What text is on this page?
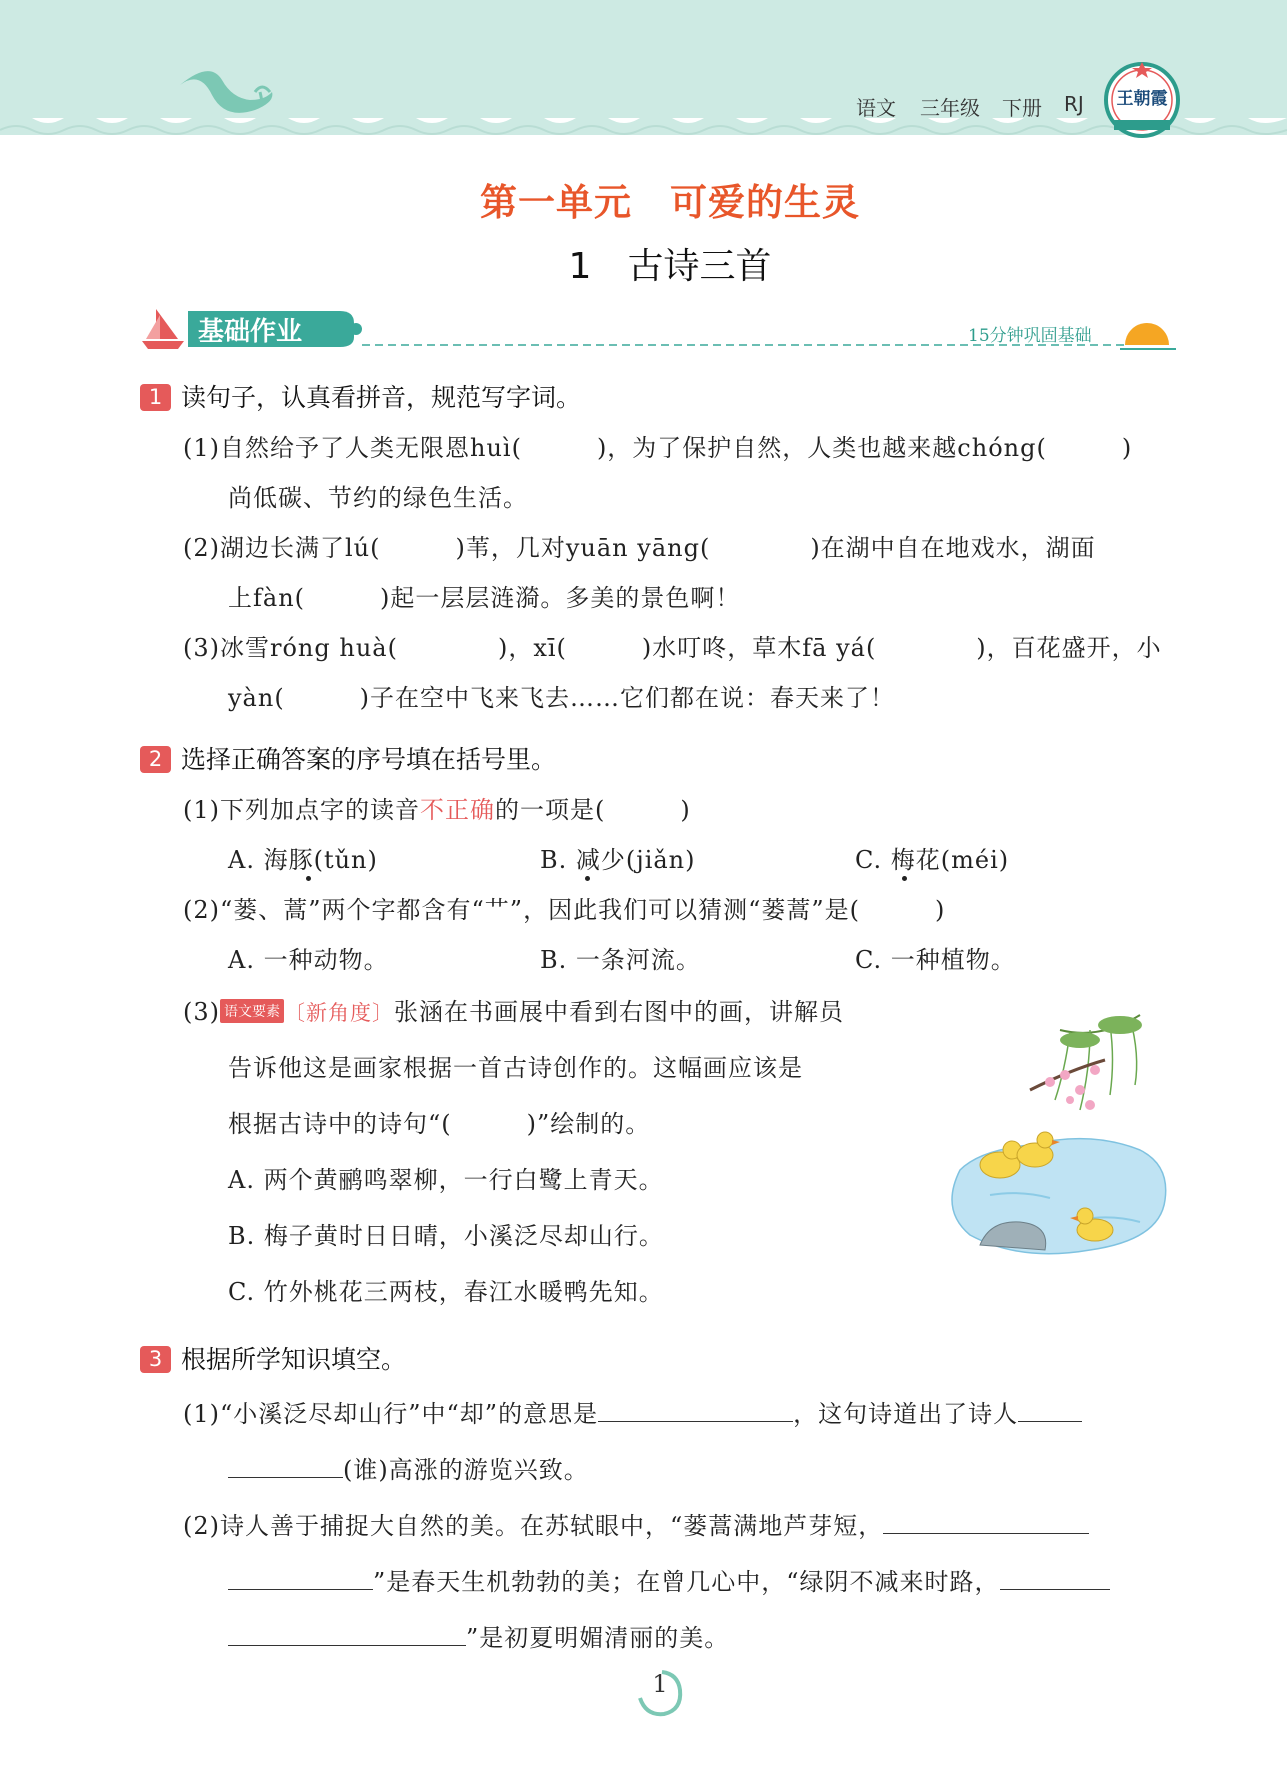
语文 三年级 下册 RJ	王朝霞
第一单元　可爱的生灵
1　古诗三首
基础作业	15分钟巩固基础
1 读句子，认真看拼音，规范写字词。
(1)自然给予了人类无限恩huì(　　　)，为了保护自然，人类也越来越chóng(　　　)
尚低碳、节约的绿色生活。
(2)湖边长满了lú(　　　)苇，几对yuān yāng(　　　　)在湖中自在地戏水，湖面
上fàn(　　　)起一层层涟漪。多美的景色啊！
(3)冰雪róng huà(　　　　)，xī(　　　)水叮咚，草木fā yá(　　　　)，百花盛开，小
yàn(　　　)子在空中飞来飞去……它们都在说：春天来了！
2 选择正确答案的序号填在括号里。
(1)下列加点字的读音不正确的一项是(　　　)
A. 海豚(tǔn)	B. 减少(jiǎn)	C. 梅花(méi)
(2)“蒌、蒿”两个字都含有“艹”，因此我们可以猜测“蒌蒿”是(　　　)
A. 一种动物。	B. 一条河流。	C. 一种植物。
(3) 语文要素 〔新角度〕张涵在书画展中看到右图中的画，讲解员
告诉他这是画家根据一首古诗创作的。这幅画应该是
根据古诗中的诗句“(　　　)”绘制的。
A. 两个黄鹂鸣翠柳，一行白鹭上青天。
B. 梅子黄时日日晴，小溪泛尽却山行。
C. 竹外桃花三两枝，春江水暖鸭先知。
3 根据所学知识填空。
(1)“小溪泛尽却山行”中“却”的意思是	，这句诗道出了诗人
(谁)高涨的游览兴致。
(2)诗人善于捕捉大自然的美。在苏轼眼中，“蒌蒿满地芦芽短，
”是春天生机勃勃的美；在曾几心中，“绿阴不减来时路，
”是初夏明媚清丽的美。
1
